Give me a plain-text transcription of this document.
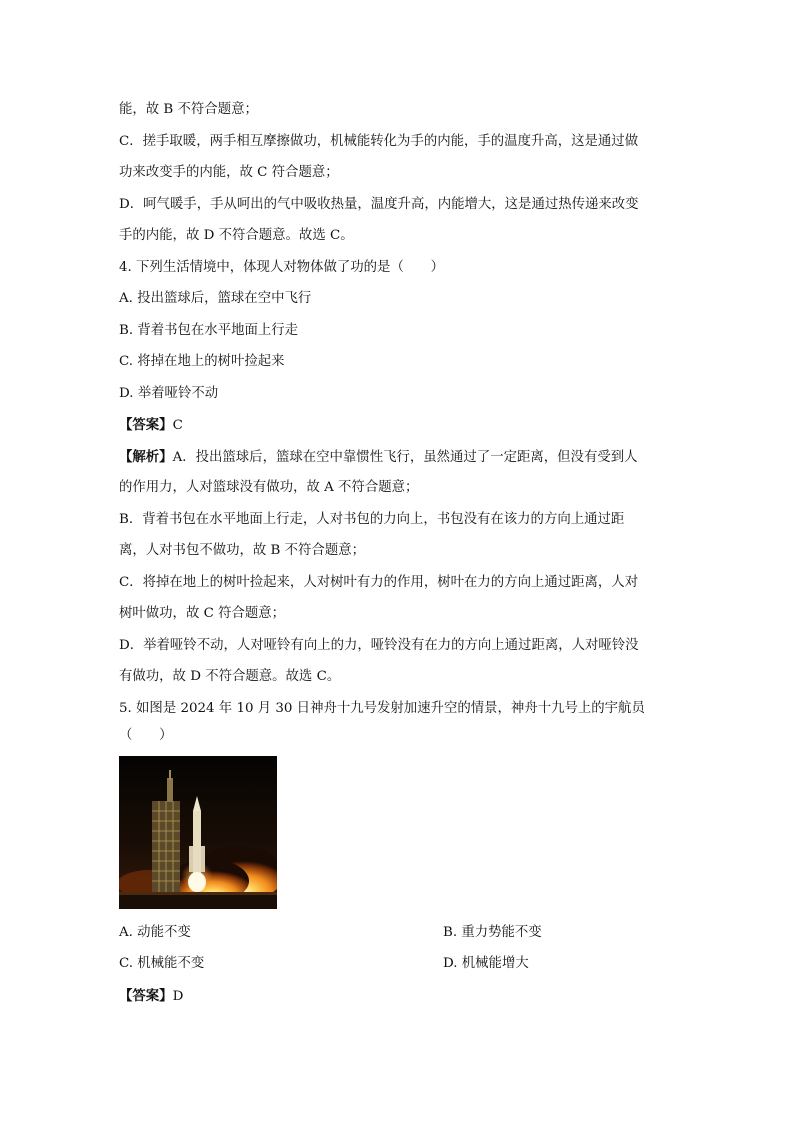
能，故 B 不符合题意；
C．搓手取暖，两手相互摩擦做功，机械能转化为手的内能，手的温度升高，这是通过做
功来改变手的内能，故 C 符合题意；
D．呵气暖手，手从呵出的气中吸收热量，温度升高，内能增大，这是通过热传递来改变
手的内能，故 D 不符合题意。故选 C。
4. 下列生活情境中，体现人对物体做了功的是（　　）
A. 投出篮球后，篮球在空中飞行
B. 背着书包在水平地面上行走
C. 将掉在地上的树叶捡起来
D. 举着哑铃不动
【答案】C
【解析】A．投出篮球后，篮球在空中靠惯性飞行，虽然通过了一定距离，但没有受到人
的作用力，人对篮球没有做功，故 A 不符合题意；
B．背着书包在水平地面上行走，人对书包的力向上，书包没有在该力的方向上通过距
离，人对书包不做功，故 B 不符合题意；
C．将掉在地上的树叶捡起来，人对树叶有力的作用，树叶在力的方向上通过距离，人对
树叶做功，故 C 符合题意；
D．举着哑铃不动，人对哑铃有向上的力，哑铃没有在力的方向上通过距离，人对哑铃没
有做功，故 D 不符合题意。故选 C。
5. 如图是 2024 年 10 月 30 日神舟十九号发射加速升空的情景，神舟十九号上的宇航员
（　　）
A. 动能不变	B. 重力势能不变
C. 机械能不变	D. 机械能增大
【答案】D
